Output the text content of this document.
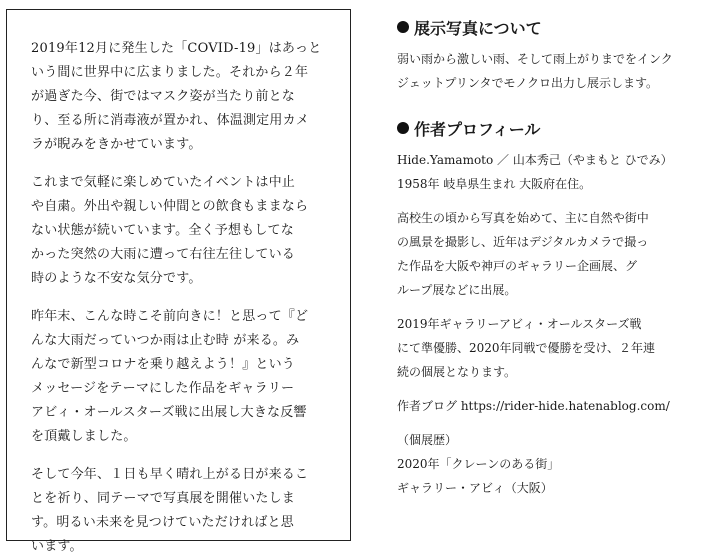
2019年12月に発生した「COVID-19」はあっと
いう間に世界中に広まりました。それから２年
が過ぎた今、街ではマスク姿が当たり前とな
り、至る所に消毒液が置かれ、体温測定用カメ
ラが睨みをきかせています。

これまで気軽に楽しめていたイベントは中止
や自粛。外出や親しい仲間との飲食もままなら
ない状態が続いています。全く予想もしてな
かった突然の大雨に遭って右往左往している
時のような不安な気分です。

昨年末、こんな時こそ前向きに！と思って『ど
んな大雨だっていつか雨は止む時 が来る。み
んなで新型コロナを乗り越えよう！』という
メッセージをテーマにした作品をギャラリー
アビィ・オールスターズ戦に出展し大きな反響
を頂戴しました。

そして今年、１日も早く晴れ上がる日が来るこ
とを祈り、同テーマで写真展を開催いたしま
す。明るい未来を見つけていただければと思
います。

展示写真について

弱い雨から激しい雨、そして雨上がりまでをインク
ジェットプリンタでモノクロ出力し展示します。

作者プロフィール

Hide.Yamamoto ／ 山本秀己（やまもと ひでみ）
1958年 岐阜県生まれ 大阪府在住。

高校生の頃から写真を始めて、主に自然や街中
の風景を撮影し、近年はデジタルカメラで撮っ
た作品を大阪や神戸のギャラリー企画展、グ
ループ展などに出展。

2019年ギャラリーアビィ・オールスターズ戦
にて準優勝、2020年同戦で優勝を受け、２年連
続の個展となります。

作者ブログ https://rider-hide.hatenablog.com/

（個展歴）
2020年「クレーンのある街」
ギャラリー・アビィ（大阪）
